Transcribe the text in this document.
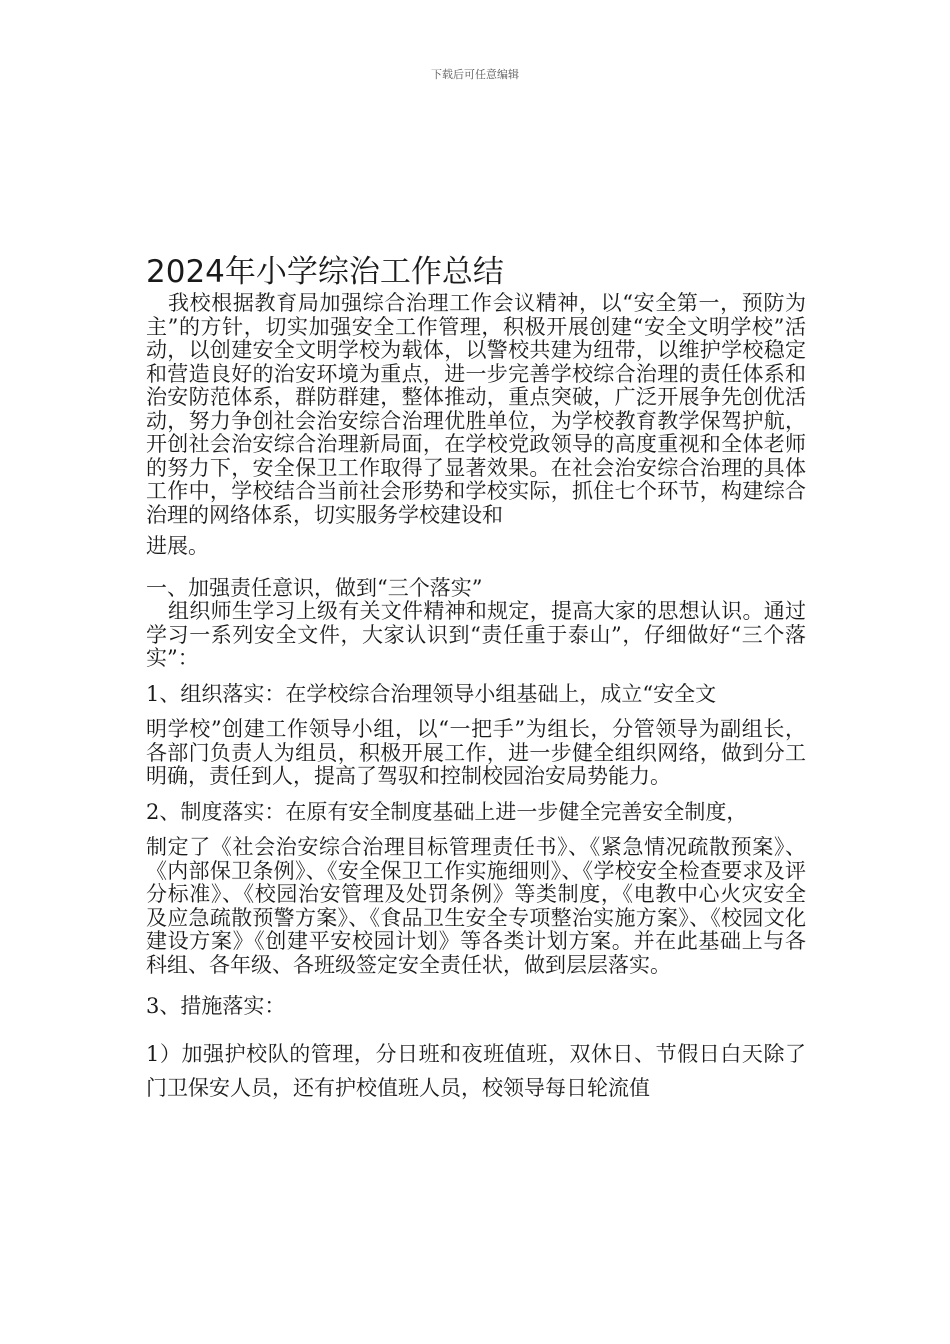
下载后可任意编辑
2024年小学综治工作总结

我校根据教育局加强综合治理工作会议精神，以“安全第一，预防为主”的方针，切实加强安全工作管理，积极开展创建“安全文明学校”活动，以创建安全文明学校为载体，以警校共建为纽带，以维护学校稳定和营造良好的治安环境为重点，进一步完善学校综合治理的责任体系和治安防范体系，群防群建，整体推动，重点突破，广泛开展争先创优活动，努力争创社会治安综合治理优胜单位，为学校教育教学保驾护航，开创社会治安综合治理新局面，在学校党政领导的高度重视和全体老师的努力下，安全保卫工作取得了显著效果。在社会治安综合治理的具体工作中，学校结合当前社会形势和学校实际，抓住七个环节，构建综合治理的网络体系，切实服务学校建设和

进展。

一、加强责任意识，做到“三个落实”

组织师生学习上级有关文件精神和规定，提高大家的思想认识。通过学习一系列安全文件，大家认识到“责任重于泰山”，仔细做好“三个落实”：

1、组织落实：在学校综合治理领导小组基础上，成立“安全文

明学校”创建工作领导小组，以“一把手”为组长，分管领导为副组长，各部门负责人为组员，积极开展工作，进一步健全组织网络，做到分工明确，责任到人，提高了驾驭和控制校园治安局势能力。

2、制度落实：在原有安全制度基础上进一步健全完善安全制度，

制定了《社会治安综合治理目标管理责任书》、《紧急情况疏散预案》、《内部保卫条例》、《安全保卫工作实施细则》、《学校安全检查要求及评分标准》、《校园治安管理及处罚条例》等类制度，《电教中心火灾安全及应急疏散预警方案》、《食品卫生安全专项整治实施方案》、《校园文化建设方案》《创建平安校园计划》等各类计划方案。并在此基础上与各科组、各年级、各班级签定安全责任状，做到层层落实。

3、措施落实：

1）加强护校队的管理，分日班和夜班值班，双休日、节假日白天除了门卫保安人员，还有护校值班人员，校领导每日轮流值
